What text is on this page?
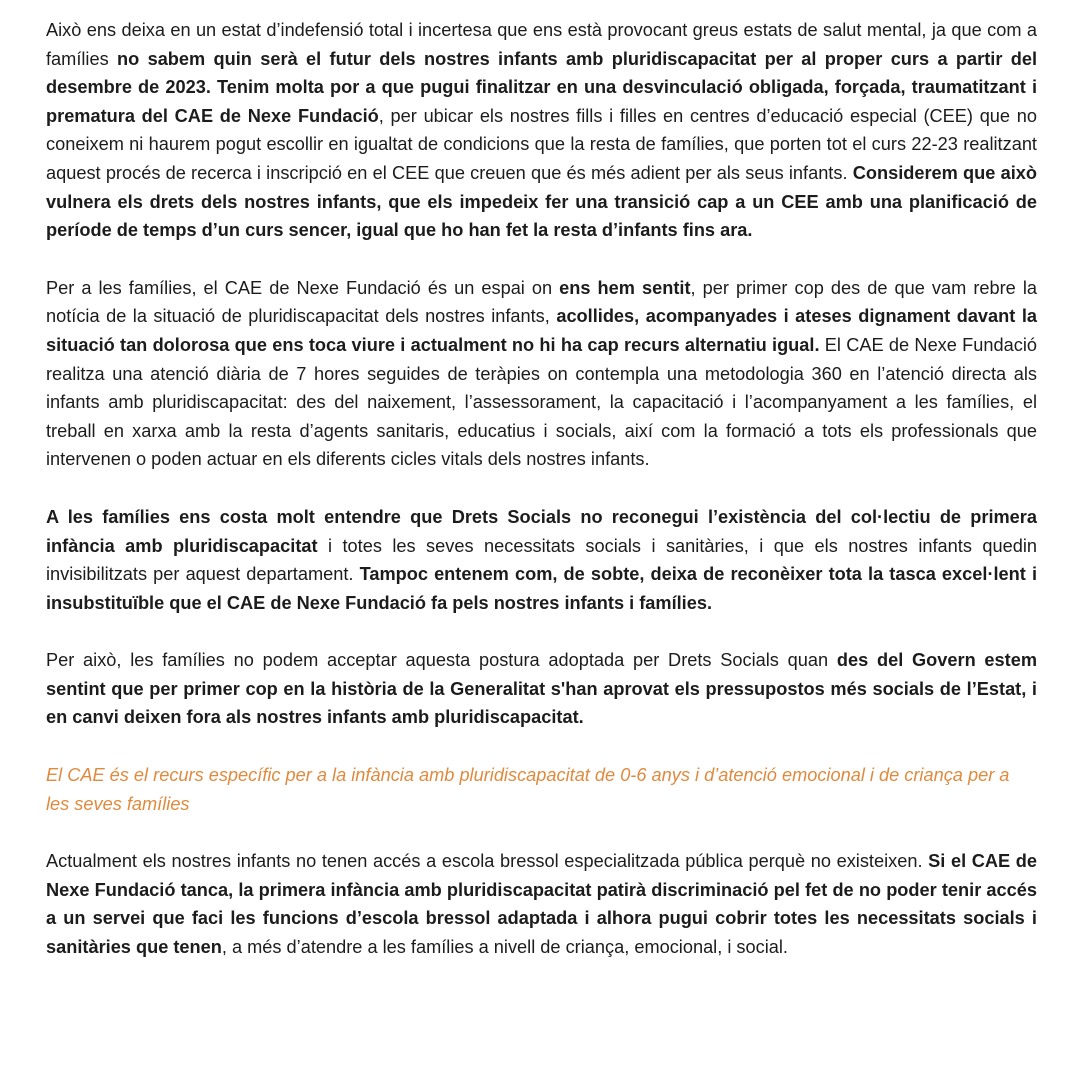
Això ens deixa en un estat d’indefensió total i incertesa que ens està provocant greus estats de salut mental, ja que com a famílies no sabem quin serà el futur dels nostres infants amb pluridiscapacitat per al proper curs a partir del desembre de 2023. Tenim molta por a que pugui finalitzar en una desvinculació obligada, forçada, traumatitzant i prematura del CAE de Nexe Fundació, per ubicar els nostres fills i filles en centres d’educació especial (CEE) que no coneixem ni haurem pogut escollir en igualtat de condicions que la resta de famílies, que porten tot el curs 22-23 realitzant aquest procés de recerca i inscripció en el CEE que creuen que és més adient per als seus infants. Considerem que això vulnera els drets dels nostres infants, que els impedeix fer una transició cap a un CEE amb una planificació de període de temps d’un curs sencer, igual que ho han fet la resta d’infants fins ara.

Per a les famílies, el CAE de Nexe Fundació és un espai on ens hem sentit, per primer cop des de que vam rebre la notícia de la situació de pluridiscapacitat dels nostres infants, acollides, acompanyades i ateses dignament davant la situació tan dolorosa que ens toca viure i actualment no hi ha cap recurs alternatiu igual. El CAE de Nexe Fundació realitza una atenció diària de 7 hores seguides de teràpies on contempla una metodologia 360 en l’atenció directa als infants amb pluridiscapacitat: des del naixement, l’assessorament, la capacitació i l’acompanyament a les famílies, el treball en xarxa amb la resta d’agents sanitaris, educatius i socials, així com la formació a tots els professionals que intervenen o poden actuar en els diferents cicles vitals dels nostres infants.

A les famílies ens costa molt entendre que Drets Socials no reconegui l’existència del col·lectiu de primera infància amb pluridiscapacitat i totes les seves necessitats socials i sanitàries, i que els nostres infants quedin invisibilitzats per aquest departament. Tampoc entenem com, de sobte, deixa de reconèixer tota la tasca excel·lent i insubstituïble que el CAE de Nexe Fundació fa pels nostres infants i famílies.

Per això, les famílies no podem acceptar aquesta postura adoptada per Drets Socials quan des del Govern estem sentint que per primer cop en la història de la Generalitat s'han aprovat els pressupostos més socials de l’Estat, i en canvi deixen fora als nostres infants amb pluridiscapacitat.

El CAE és el recurs específic per a la infància amb pluridiscapacitat de 0-6 anys i d’atenció emocional i de criança per a les seves famílies

Actualment els nostres infants no tenen accés a escola bressol especialitzada pública perquè no existeixen. Si el CAE de Nexe Fundació tanca, la primera infància amb pluridiscapacitat patirà discriminació pel fet de no poder tenir accés a un servei que faci les funcions d’escola bressol adaptada i alhora pugui cobrir totes les necessitats socials i sanitàries que tenen, a més d’atendre a les famílies a nivell de criança, emocional, i social.
